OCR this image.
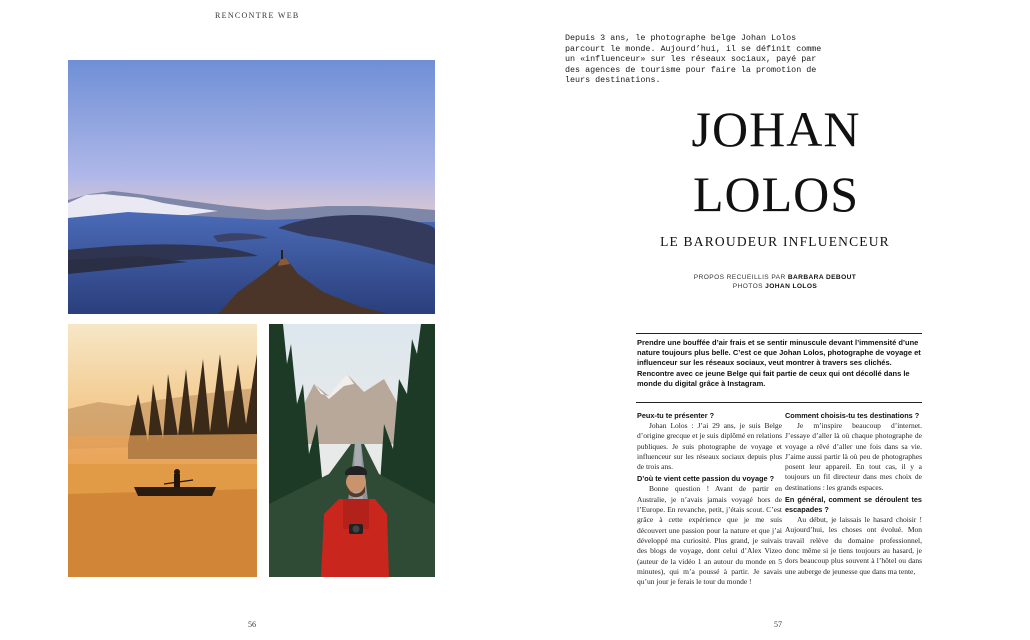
RENCONTRE WEB
Depuis 3 ans, le photographe belge Johan Lolos parcourt le monde. Aujourd’hui, il se définit comme un «influenceur» sur les réseaux sociaux, payé par des agences de tourisme pour faire la promotion de leurs destinations.
JOHAN
LOLOS
LE BAROUDEUR INFLUENCEUR
PROPOS RECUEILLIS PAR BARBARA DEBOUT
PHOTOS JOHAN LOLOS
Prendre une bouffée d’air frais et se sentir minuscule devant l’immensité d’une nature toujours plus belle. C’est ce que Johan Lolos, photographe de voyage et influenceur sur les réseaux sociaux, veut montrer à travers ses clichés. Rencontre avec ce jeune Belge qui fait partie de ceux qui ont décollé dans le monde du digital grâce à Instagram.
Peux-tu te présenter ?
Johan Lolos : J’ai 29 ans, je suis Belge d’origine grecque et je suis diplômé en relations publiques. Je suis photographe de voyage et influenceur sur les réseaux sociaux depuis plus de trois ans.
D’où te vient cette passion du voyage ?
Bonne question ! Avant de partir en Australie, je n’avais jamais voyagé hors de l’Europe. En revanche, petit, j’étais scout. C’est grâce à cette expérience que je me suis découvert une passion pour la nature et que j’ai développé ma curiosité. Plus grand, je suivais des blogs de voyage, dont celui d’Alex Vizeo (auteur de la vidéo 1 an autour du monde en 5 minutes), qui m’a poussé à partir. Je savais qu’un jour je ferais le tour du monde !
Comment choisis-tu tes destinations ?
Je m’inspire beaucoup d’internet. J’essaye d’aller là où chaque photographe de voyage a rêvé d’aller une fois dans sa vie. J’aime aussi partir là où peu de photographes posent leur appareil. En tout cas, il y a toujours un fil directeur dans mes choix de destinations : les grands espaces.
En général, comment se déroulent tes escapades ?
Au début, je laissais le hasard choisir ! Aujourd’hui, les choses ont évolué. Mon travail relève du domaine professionnel, donc même si je tiens toujours au hasard, je dors beaucoup plus souvent à l’hôtel ou dans une auberge de jeunesse que dans ma tente,
56	57
